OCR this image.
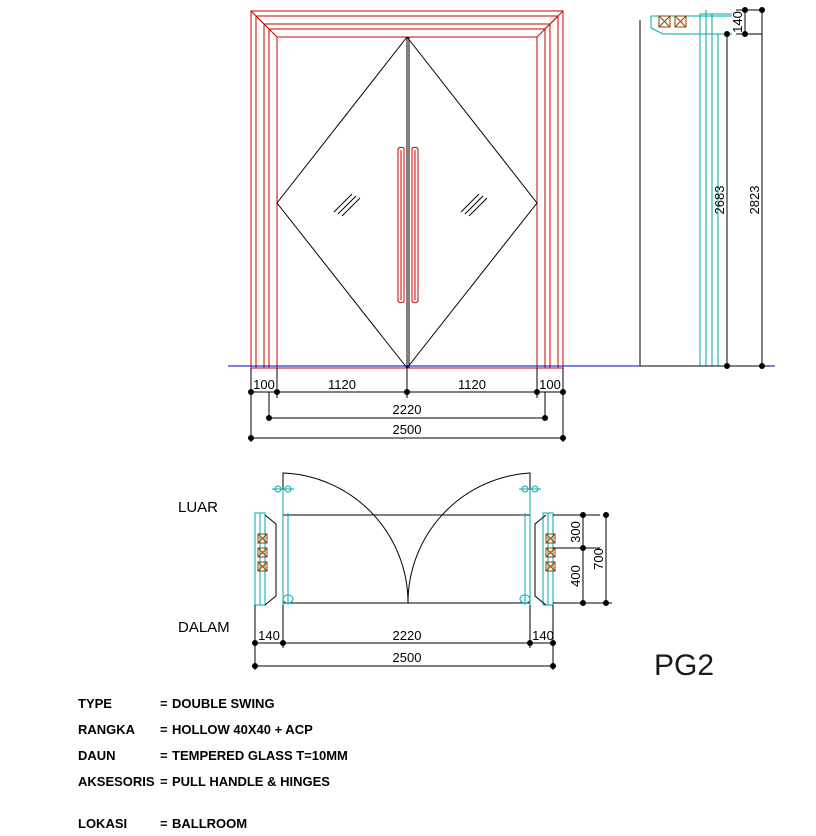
100	1120	1120	100
2220
2500
140
2683 2823
LUAR
DALAM 140	2220	140
2500
300
400
700
PG2
TYPE	= DOUBLE SWING
RANGKA = HOLLOW 40X40 + ACP
DAUN	= TEMPERED GLASS T=10MM
AKSESORIS = PULL HANDLE & HINGES
LOKASI	= BALLROOM
